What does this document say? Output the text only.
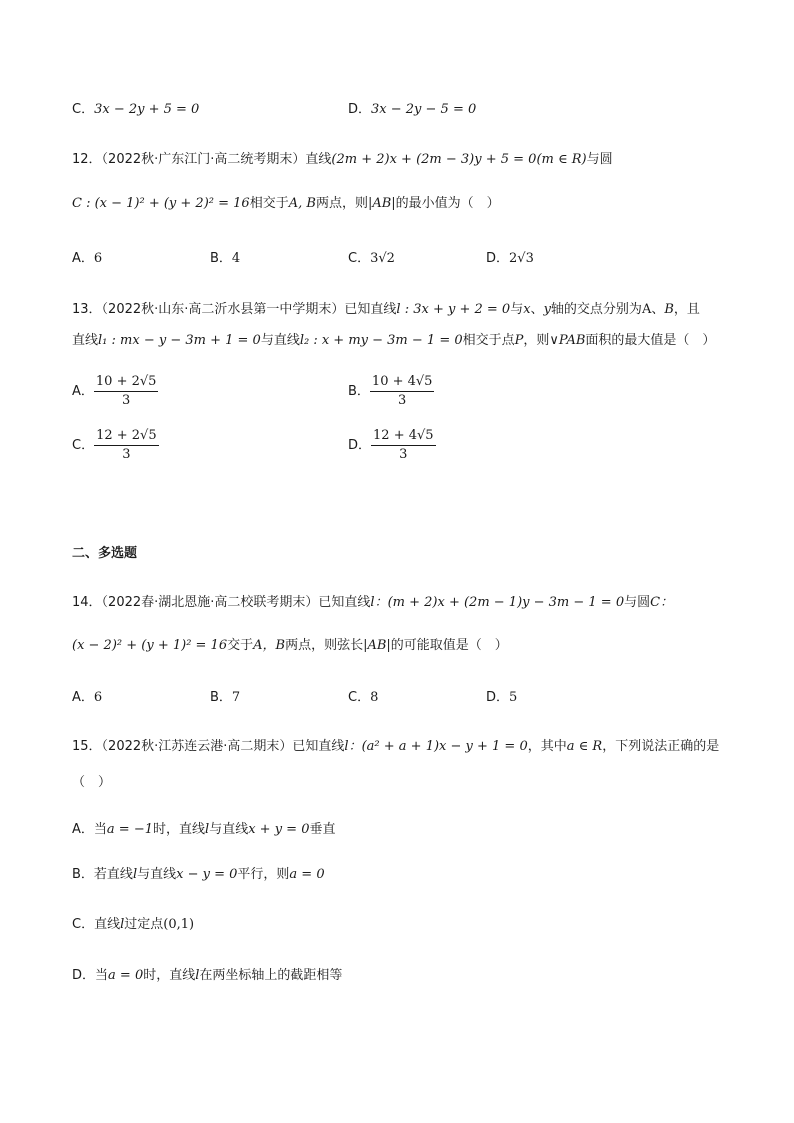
C．3x − 2y + 5 = 0	D．3x − 2y − 5 = 0
12．（2022秋·广东江门·高二统考期末）直线(2m + 2)x + (2m − 3)y + 5 = 0(m ∈ R)与圆
C : (x − 1)² + (y + 2)² = 16相交于A, B两点，则|AB|的最小值为（　）
A．6	B．4	C．3√2	D．2√3
13．（2022秋·山东·高二沂水县第一中学期末）已知直线l : 3x + y + 2 = 0与x、y轴的交点分别为A、B，且
直线l₁ : mx − y − 3m + 1 = 0与直线l₂ : x + my − 3m − 1 = 0相交于点P，则∨PAB面积的最大值是（　）
A． $\frac{10 + 2√5}{3}$	B． $\frac{10 + 4√5}{3}$
C． $\frac{12 + 2√5}{3}$	D． $\frac{12 + 4√5}{3}$
二、多选题
14．（2022春·湖北恩施·高二校联考期末）已知直线l：(m + 2)x + (2m − 1)y − 3m − 1 = 0与圆C：
(x − 2)² + (y + 1)² = 16交于A，B两点，则弦长|AB|的可能取值是（　）
A．6	B．7	C．8	D．5
15．（2022秋·江苏连云港·高二期末）已知直线l：(a² + a + 1)x − y + 1 = 0，其中a ∈ R，下列说法正确的是
（　）
A．当a = −1时，直线l与直线x + y = 0垂直
B．若直线l与直线x − y = 0平行，则a = 0
C．直线l过定点(0,1)
D．当a = 0时，直线l在两坐标轴上的截距相等
